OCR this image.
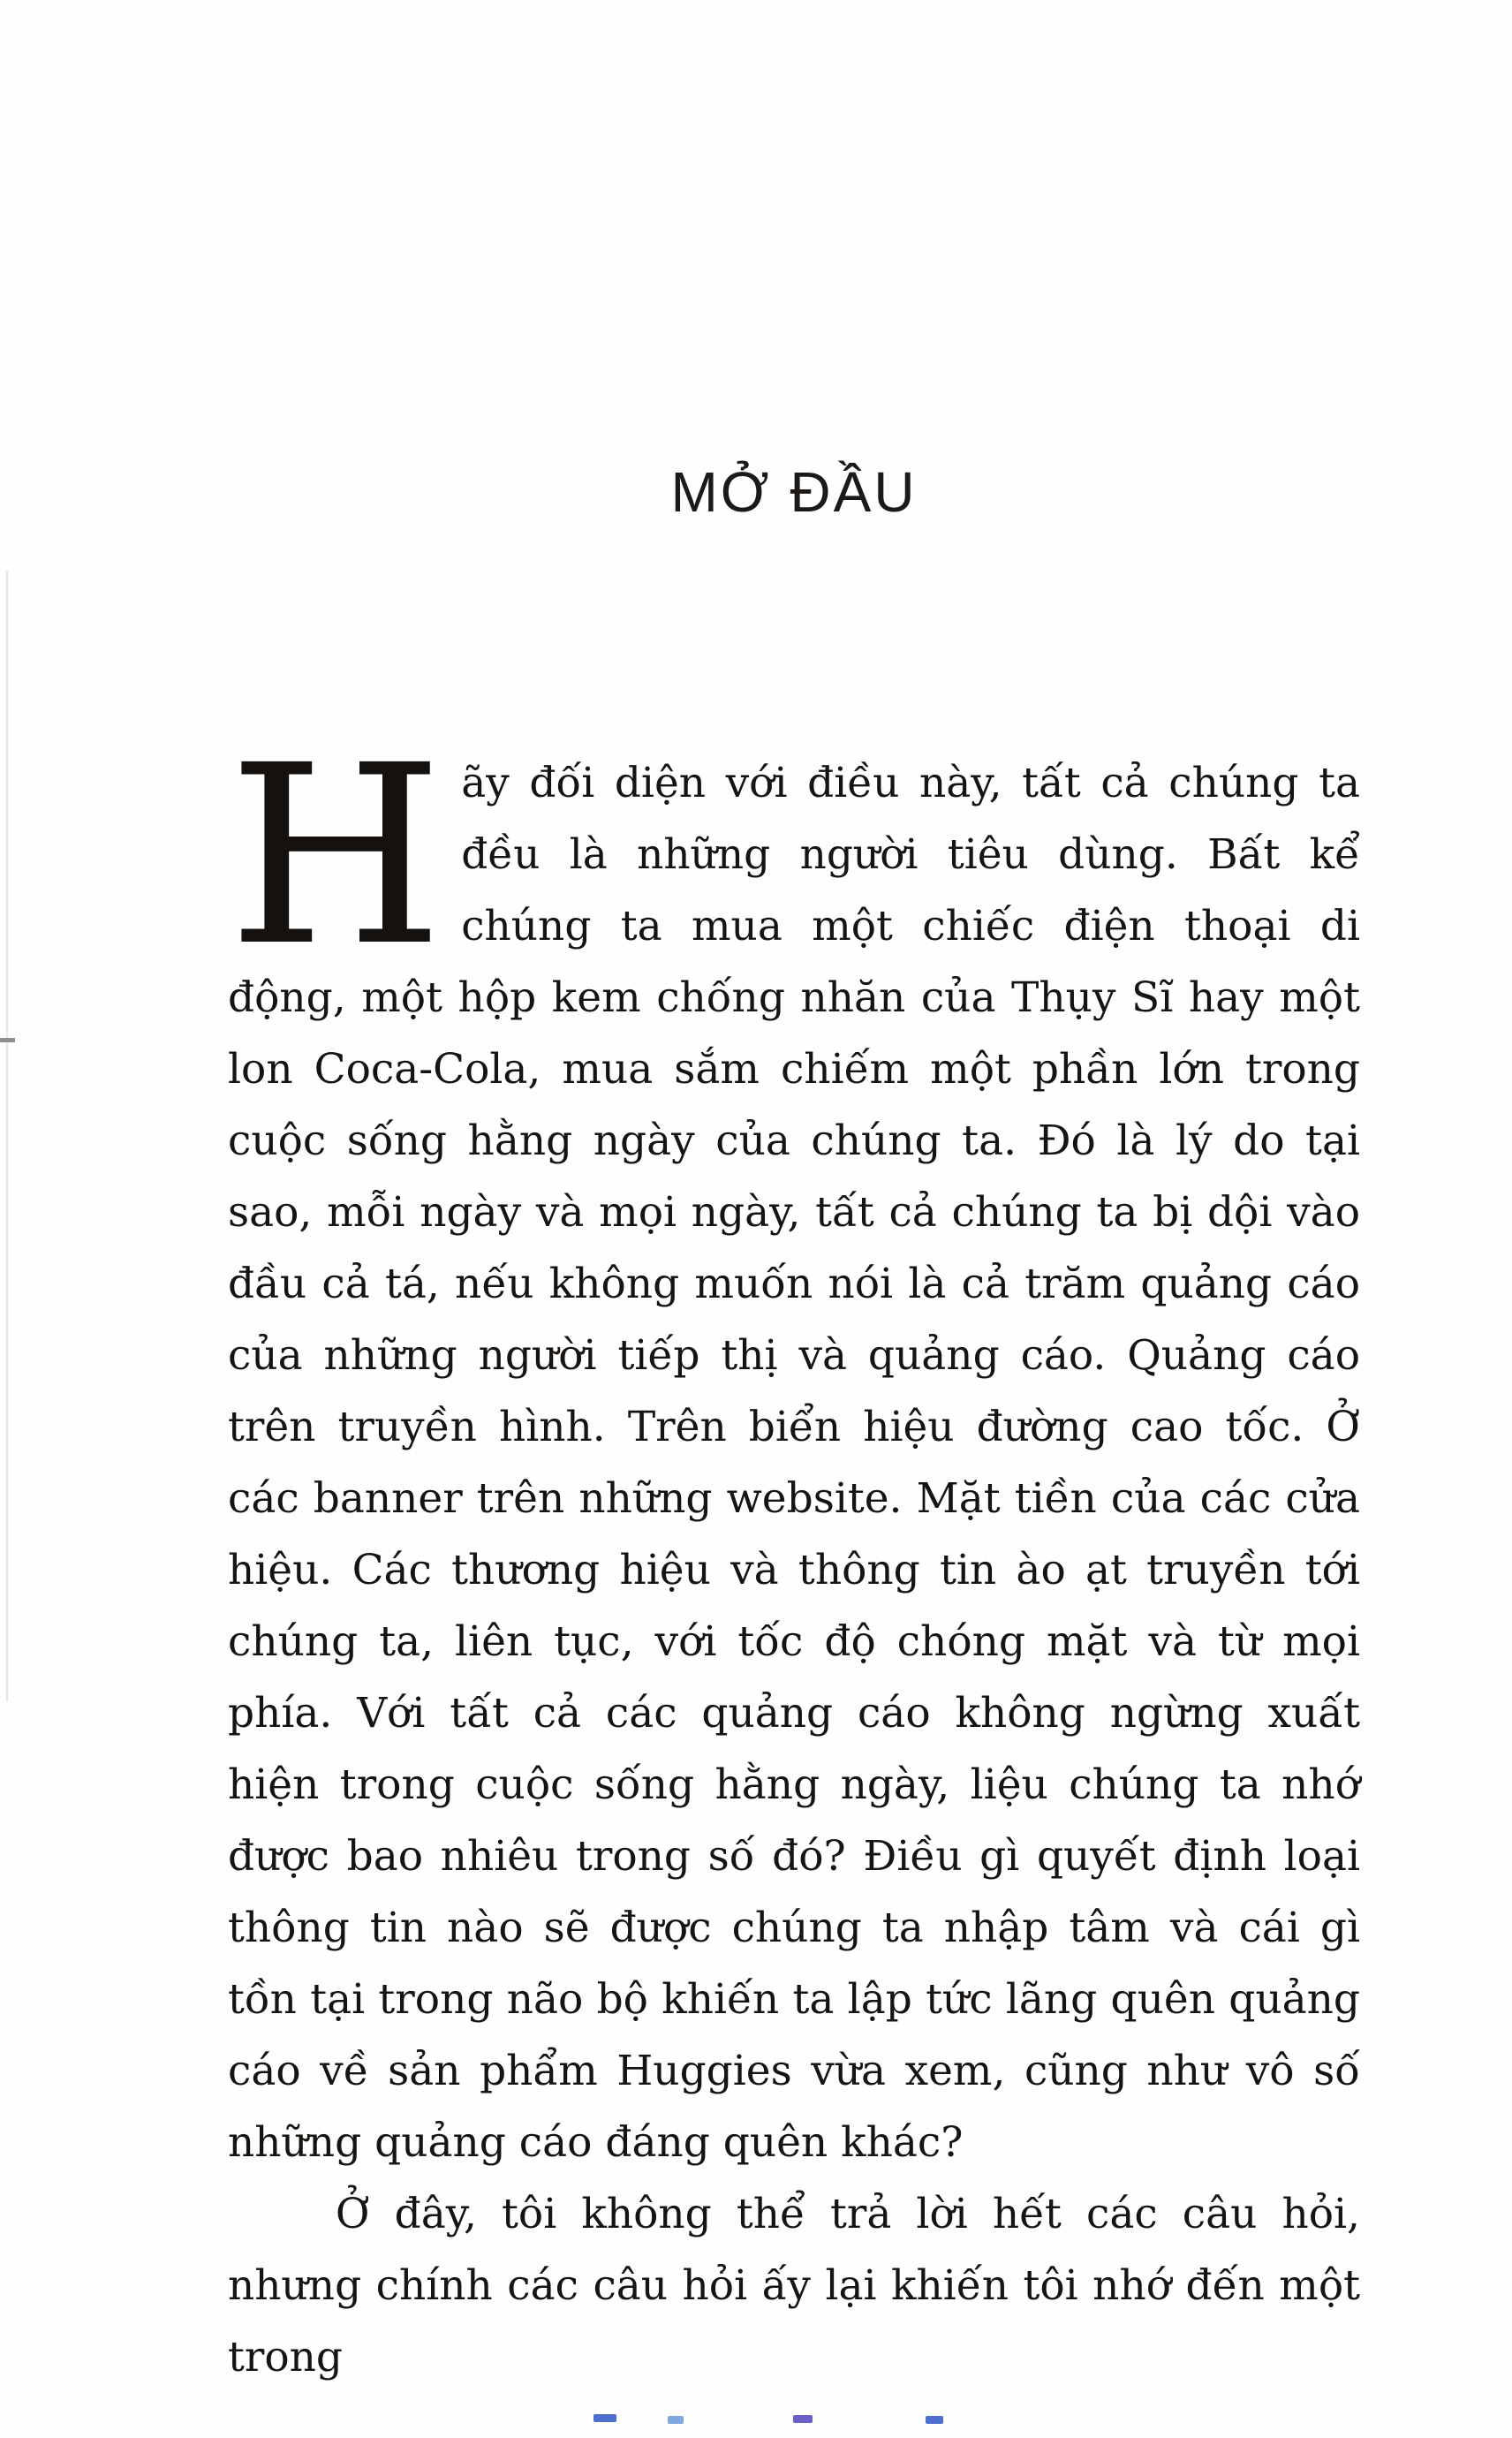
MỞ ĐẦU

Hãy đối diện với điều này, tất cả chúng ta đều là những người tiêu dùng. Bất kể chúng ta mua một chiếc điện thoại di động, một hộp kem chống nhăn của Thụy Sĩ hay một lon Coca-Cola, mua sắm chiếm một phần lớn trong cuộc sống hằng ngày của chúng ta. Đó là lý do tại sao, mỗi ngày và mọi ngày, tất cả chúng ta bị dội vào đầu cả tá, nếu không muốn nói là cả trăm quảng cáo của những người tiếp thị và quảng cáo. Quảng cáo trên truyền hình. Trên biển hiệu đường cao tốc. Ở các banner trên những website. Mặt tiền của các cửa hiệu. Các thương hiệu và thông tin ào ạt truyền tới chúng ta, liên tục, với tốc độ chóng mặt và từ mọi phía. Với tất cả các quảng cáo không ngừng xuất hiện trong cuộc sống hằng ngày, liệu chúng ta nhớ được bao nhiêu trong số đó? Điều gì quyết định loại thông tin nào sẽ được chúng ta nhập tâm và cái gì tồn tại trong não bộ khiến ta lập tức lãng quên quảng cáo về sản phẩm Huggies vừa xem, cũng như vô số những quảng cáo đáng quên khác?

Ở đây, tôi không thể trả lời hết các câu hỏi, nhưng chính các câu hỏi ấy lại khiến tôi nhớ đến một trong
